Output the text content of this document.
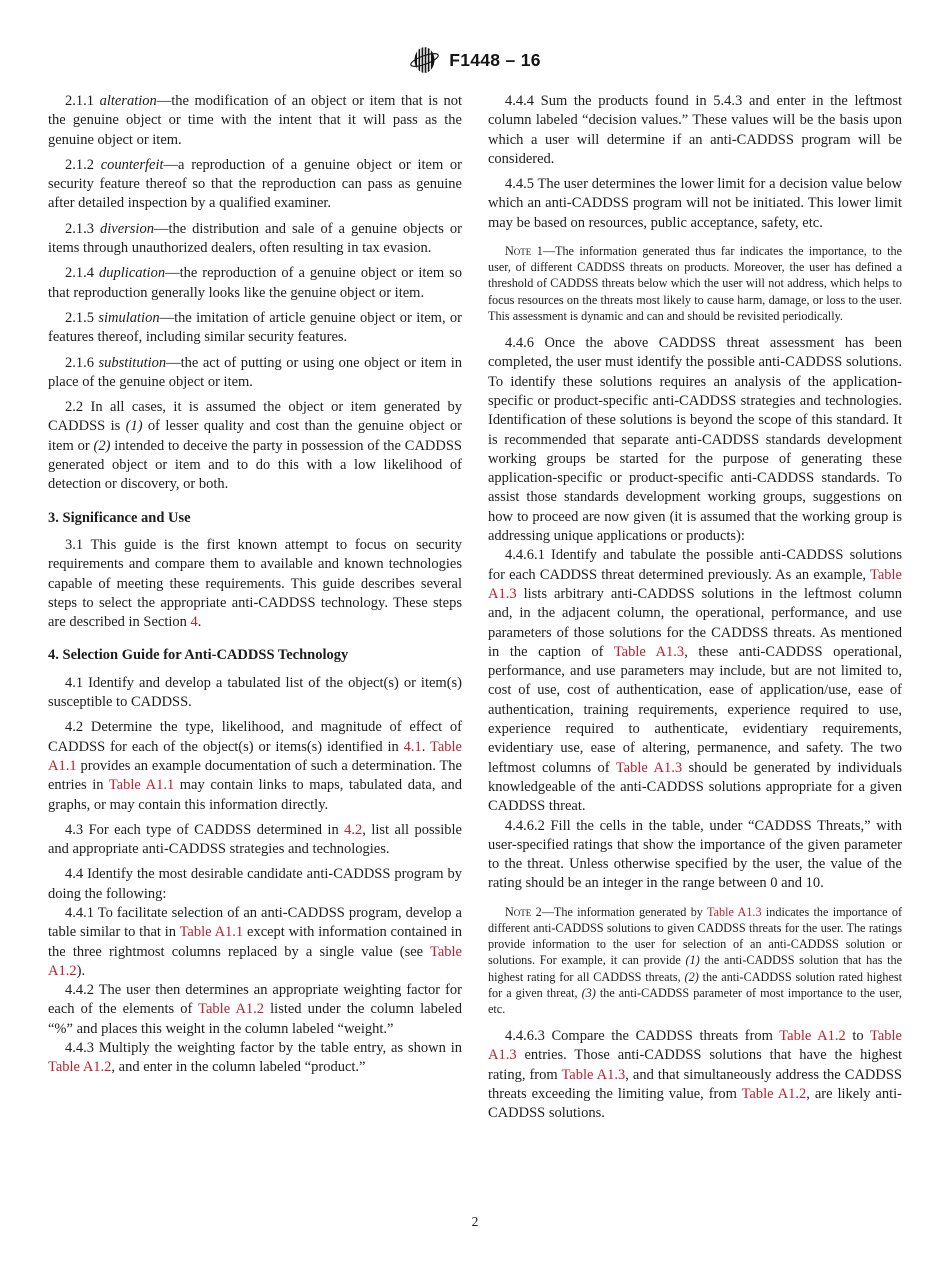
F1448 – 16

2.1.1 alteration—the modification of an object or item that is not the genuine object or time with the intent that it will pass as the genuine object or item.

2.1.2 counterfeit—a reproduction of a genuine object or item or security feature thereof so that the reproduction can pass as genuine after detailed inspection by a qualified examiner.

2.1.3 diversion—the distribution and sale of a genuine objects or items through unauthorized dealers, often resulting in tax evasion.

2.1.4 duplication—the reproduction of a genuine object or item so that reproduction generally looks like the genuine object or item.

2.1.5 simulation—the imitation of article genuine object or item, or features thereof, including similar security features.

2.1.6 substitution—the act of putting or using one object or item in place of the genuine object or item.

2.2 In all cases, it is assumed the object or item generated by CADDSS is (1) of lesser quality and cost than the genuine object or item or (2) intended to deceive the party in possession of the CADDSS generated object or item and to do this with a low likelihood of detection or discovery, or both.

3. Significance and Use

3.1 This guide is the first known attempt to focus on security requirements and compare them to available and known technologies capable of meeting these requirements. This guide describes several steps to select the appropriate anti-CADDSS technology. These steps are described in Section 4.

4. Selection Guide for Anti-CADDSS Technology

4.1 Identify and develop a tabulated list of the object(s) or item(s) susceptible to CADDSS.

4.2 Determine the type, likelihood, and magnitude of effect of CADDSS for each of the object(s) or items(s) identified in 4.1. Table A1.1 provides an example documentation of such a determination. The entries in Table A1.1 may contain links to maps, tabulated data, and graphs, or may contain this information directly.

4.3 For each type of CADDSS determined in 4.2, list all possible and appropriate anti-CADDSS strategies and technologies.

4.4 Identify the most desirable candidate anti-CADDSS program by doing the following:

4.4.1 To facilitate selection of an anti-CADDSS program, develop a table similar to that in Table A1.1 except with information contained in the three rightmost columns replaced by a single value (see Table A1.2).

4.4.2 The user then determines an appropriate weighting factor for each of the elements of Table A1.2 listed under the column labeled “%” and places this weight in the column labeled “weight.”

4.4.3 Multiply the weighting factor by the table entry, as shown in Table A1.2, and enter in the column labeled “product.”

4.4.4 Sum the products found in 5.4.3 and enter in the leftmost column labeled “decision values.” These values will be the basis upon which a user will determine if an anti-CADDSS program will be considered.

4.4.5 The user determines the lower limit for a decision value below which an anti-CADDSS program will not be initiated. This lower limit may be based on resources, public acceptance, safety, etc.

Note 1—The information generated thus far indicates the importance, to the user, of different CADDSS threats on products. Moreover, the user has defined a threshold of CADDSS threats below which the user will not address, which helps to focus resources on the threats most likely to cause harm, damage, or loss to the user. This assessment is dynamic and can and should be revisited periodically.

4.4.6 Once the above CADDSS threat assessment has been completed, the user must identify the possible anti-CADDSS solutions. To identify these solutions requires an analysis of the application-specific or product-specific anti-CADDSS strategies and technologies. Identification of these solutions is beyond the scope of this standard. It is recommended that separate anti-CADDSS standards development working groups be started for the purpose of generating these application-specific or product-specific anti-CADDSS standards. To assist those standards development working groups, suggestions on how to proceed are now given (it is assumed that the working group is addressing unique applications or products):

4.4.6.1 Identify and tabulate the possible anti-CADDSS solutions for each CADDSS threat determined previously. As an example, Table A1.3 lists arbitrary anti-CADDSS solutions in the leftmost column and, in the adjacent column, the operational, performance, and use parameters of those solutions for the CADDSS threats. As mentioned in the caption of Table A1.3, these anti-CADDSS operational, performance, and use parameters may include, but are not limited to, cost of use, cost of authentication, ease of application/use, ease of authentication, training requirements, experience required to use, experience required to authenticate, evidentiary requirements, evidentiary use, ease of altering, permanence, and safety. The two leftmost columns of Table A1.3 should be generated by individuals knowledgeable of the anti-CADDSS solutions appropriate for a given CADDSS threat.

4.4.6.2 Fill the cells in the table, under “CADDSS Threats,” with user-specified ratings that show the importance of the given parameter to the threat. Unless otherwise specified by the user, the value of the rating should be an integer in the range between 0 and 10.

Note 2—The information generated by Table A1.3 indicates the importance of different anti-CADDSS solutions to given CADDSS threats for the user. The ratings provide information to the user for selection of an anti-CADDSS solution or solutions. For example, it can provide (1) the anti-CADDSS solution that has the highest rating for all CADDSS threats, (2) the anti-CADDSS solution rated highest for a given threat, (3) the anti-CADDSS parameter of most importance to the user, etc.

4.4.6.3 Compare the CADDSS threats from Table A1.2 to Table A1.3 entries. Those anti-CADDSS solutions that have the highest rating, from Table A1.3, and that simultaneously address the CADDSS threats exceeding the limiting value, from Table A1.2, are likely anti-CADDSS solutions.

2
